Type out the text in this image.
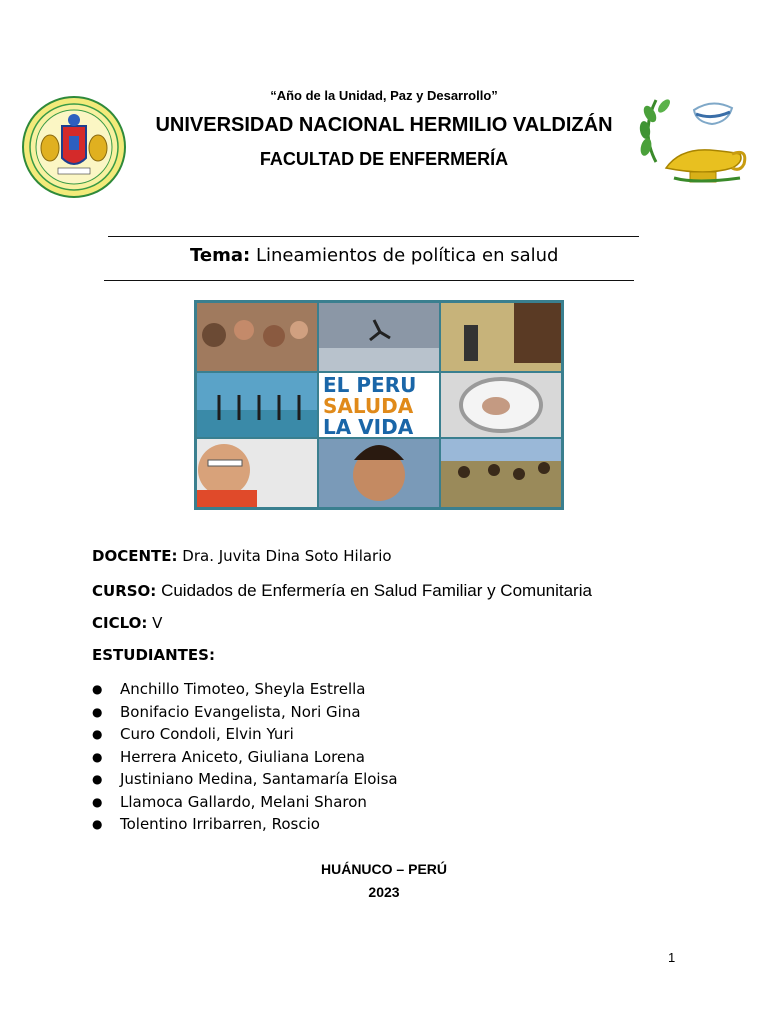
“Año de la Unidad, Paz y Desarrollo”
UNIVERSIDAD NACIONAL HERMILIO VALDIZÁN
FACULTAD DE ENFERMERÍA
Tema: Lineamientos de política en salud
EL PERU
SALUDA
LA VIDA
DOCENTE: Dra. Juvita Dina Soto Hilario
CURSO: Cuidados de Enfermería en Salud Familiar y Comunitaria
CICLO: V
ESTUDIANTES:
●	Anchillo Timoteo, Sheyla Estrella
●	Bonifacio Evangelista, Nori Gina
●	Curo Condoli, Elvin Yuri
●	Herrera Aniceto, Giuliana Lorena
●	Justiniano Medina, Santamaría Eloisa
●	Llamoca Gallardo, Melani Sharon
●	Tolentino Irribarren, Roscio
HUÁNUCO – PERÚ
2023
1
